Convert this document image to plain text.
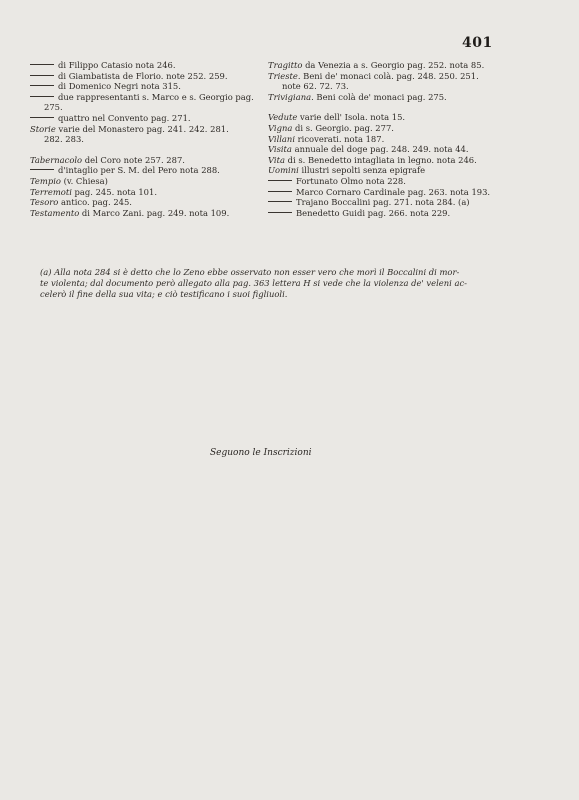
401
di Filippo Catasio nota 246.
di Giambatista de Florio. note 252. 259.
di Domenico Negri nota 315.
due rappresentanti s. Marco e s. Georgio pag.
275.
quattro nel Convento pag. 271.
Storie varie del Monastero pag. 241. 242. 281.
282. 283.
Tabernacolo del Coro note 257. 287.
d'intaglio per S. M. del Pero nota 288.
Tempio (v. Chiesa)
Terremoti pag. 245. nota 101.
Tesoro antico. pag. 245.
Testamento di Marco Zani. pag. 249. nota 109.
Tragitto da Venezia a s. Georgio pag. 252. nota 85.
Trieste. Beni de' monaci colà. pag. 248. 250. 251.
note 62. 72. 73.
Trivigiana. Beni colà de' monaci pag. 275.
Vedute varie dell' Isola. nota 15.
Vigna di s. Georgio. pag. 277.
Villani ricoverati. nota 187.
Visita annuale del doge pag. 248. 249. nota 44.
Vita di s. Benedetto intagliata in legno. nota 246.
Uomini illustri sepolti senza epigrafe
Fortunato Olmo nota 228.
Marco Cornaro Cardinale pag. 263. nota 193.
Trajano Boccalini pag. 271. nota 284. (a)
Benedetto Guidi pag. 266. nota 229.
(a) Alla nota 284 si è detto che lo Zeno ebbe osservato non esser vero che morì il Boccalini di mor-
te violenta; dal documento però allegato alla pag. 363 lettera H si vede che la violenza de' veleni ac-
celerò il fine della sua vita; e ciò testificano i suoi figliuoli.
Seguono le Inscrizioni
